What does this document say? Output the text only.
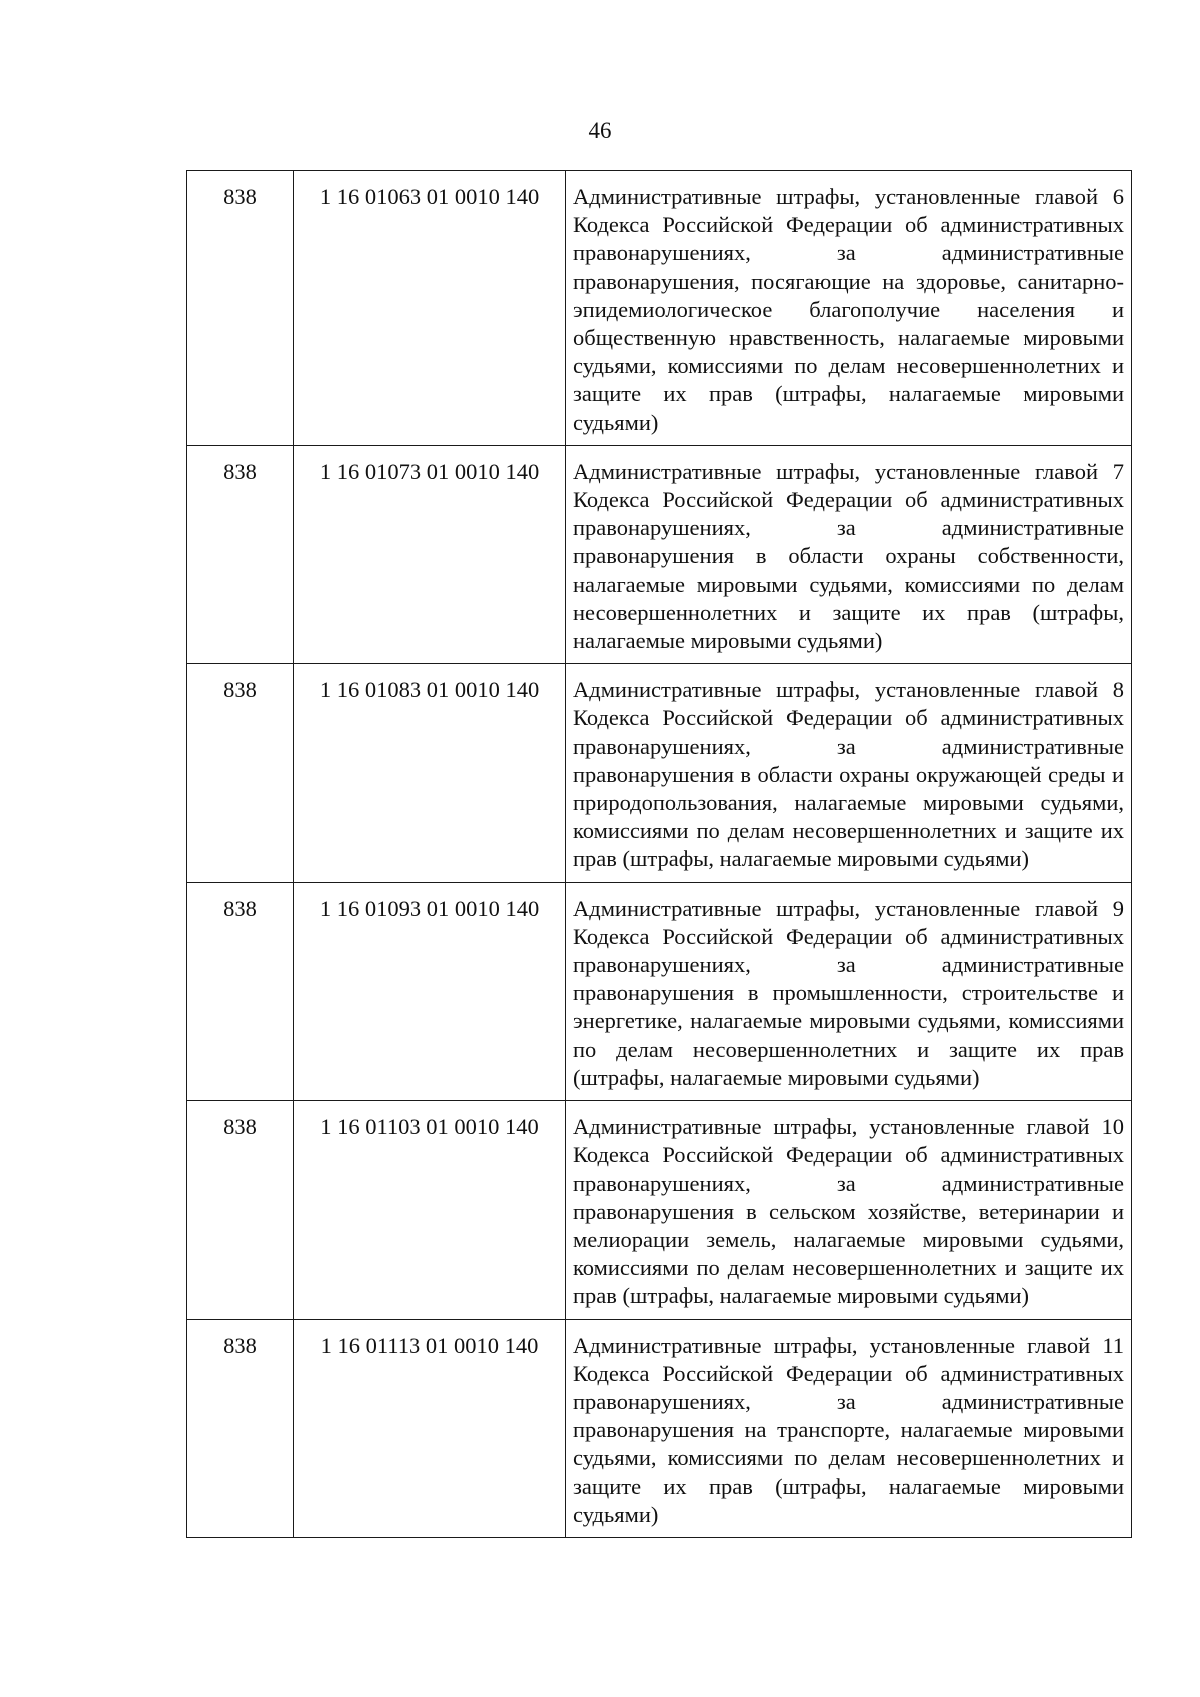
46
838	1 16 01063 01 0010 140	Административные штрафы, установленные главой 6 Кодекса Российской Федерации об административных правонарушениях, за административные правонарушения, посягающие на здоровье, санитарно-эпидемиологическое благополучие населения и общественную нравственность, налагаемые мировыми судьями, комиссиями по делам несовершеннолетних и защите их прав (штрафы, налагаемые мировыми судьями)
838	1 16 01073 01 0010 140	Административные штрафы, установленные главой 7 Кодекса Российской Федерации об административных правонарушениях, за административные правонарушения в области охраны собственности, налагаемые мировыми судьями, комиссиями по делам несовершеннолетних и защите их прав (штрафы, налагаемые мировыми судьями)
838	1 16 01083 01 0010 140	Административные штрафы, установленные главой 8 Кодекса Российской Федерации об административных правонарушениях, за административные правонарушения в области охраны окружающей среды и природопользования, налагаемые мировыми судьями, комиссиями по делам несовершеннолетних и защите их прав (штрафы, налагаемые мировыми судьями)
838	1 16 01093 01 0010 140	Административные штрафы, установленные главой 9 Кодекса Российской Федерации об административных правонарушениях, за административные правонарушения в промышленности, строительстве и энергетике, налагаемые мировыми судьями, комиссиями по делам несовершеннолетних и защите их прав (штрафы, налагаемые мировыми судьями)
838	1 16 01103 01 0010 140	Административные штрафы, установленные главой 10 Кодекса Российской Федерации об административных правонарушениях, за административные правонарушения в сельском хозяйстве, ветеринарии и мелиорации земель, налагаемые мировыми судьями, комиссиями по делам несовершеннолетних и защите их прав (штрафы, налагаемые мировыми судьями)
838	1 16 01113 01 0010 140	Административные штрафы, установленные главой 11 Кодекса Российской Федерации об административных правонарушениях, за административные правонарушения на транспорте, налагаемые мировыми судьями, комиссиями по делам несовершеннолетних и защите их прав (штрафы, налагаемые мировыми судьями)
